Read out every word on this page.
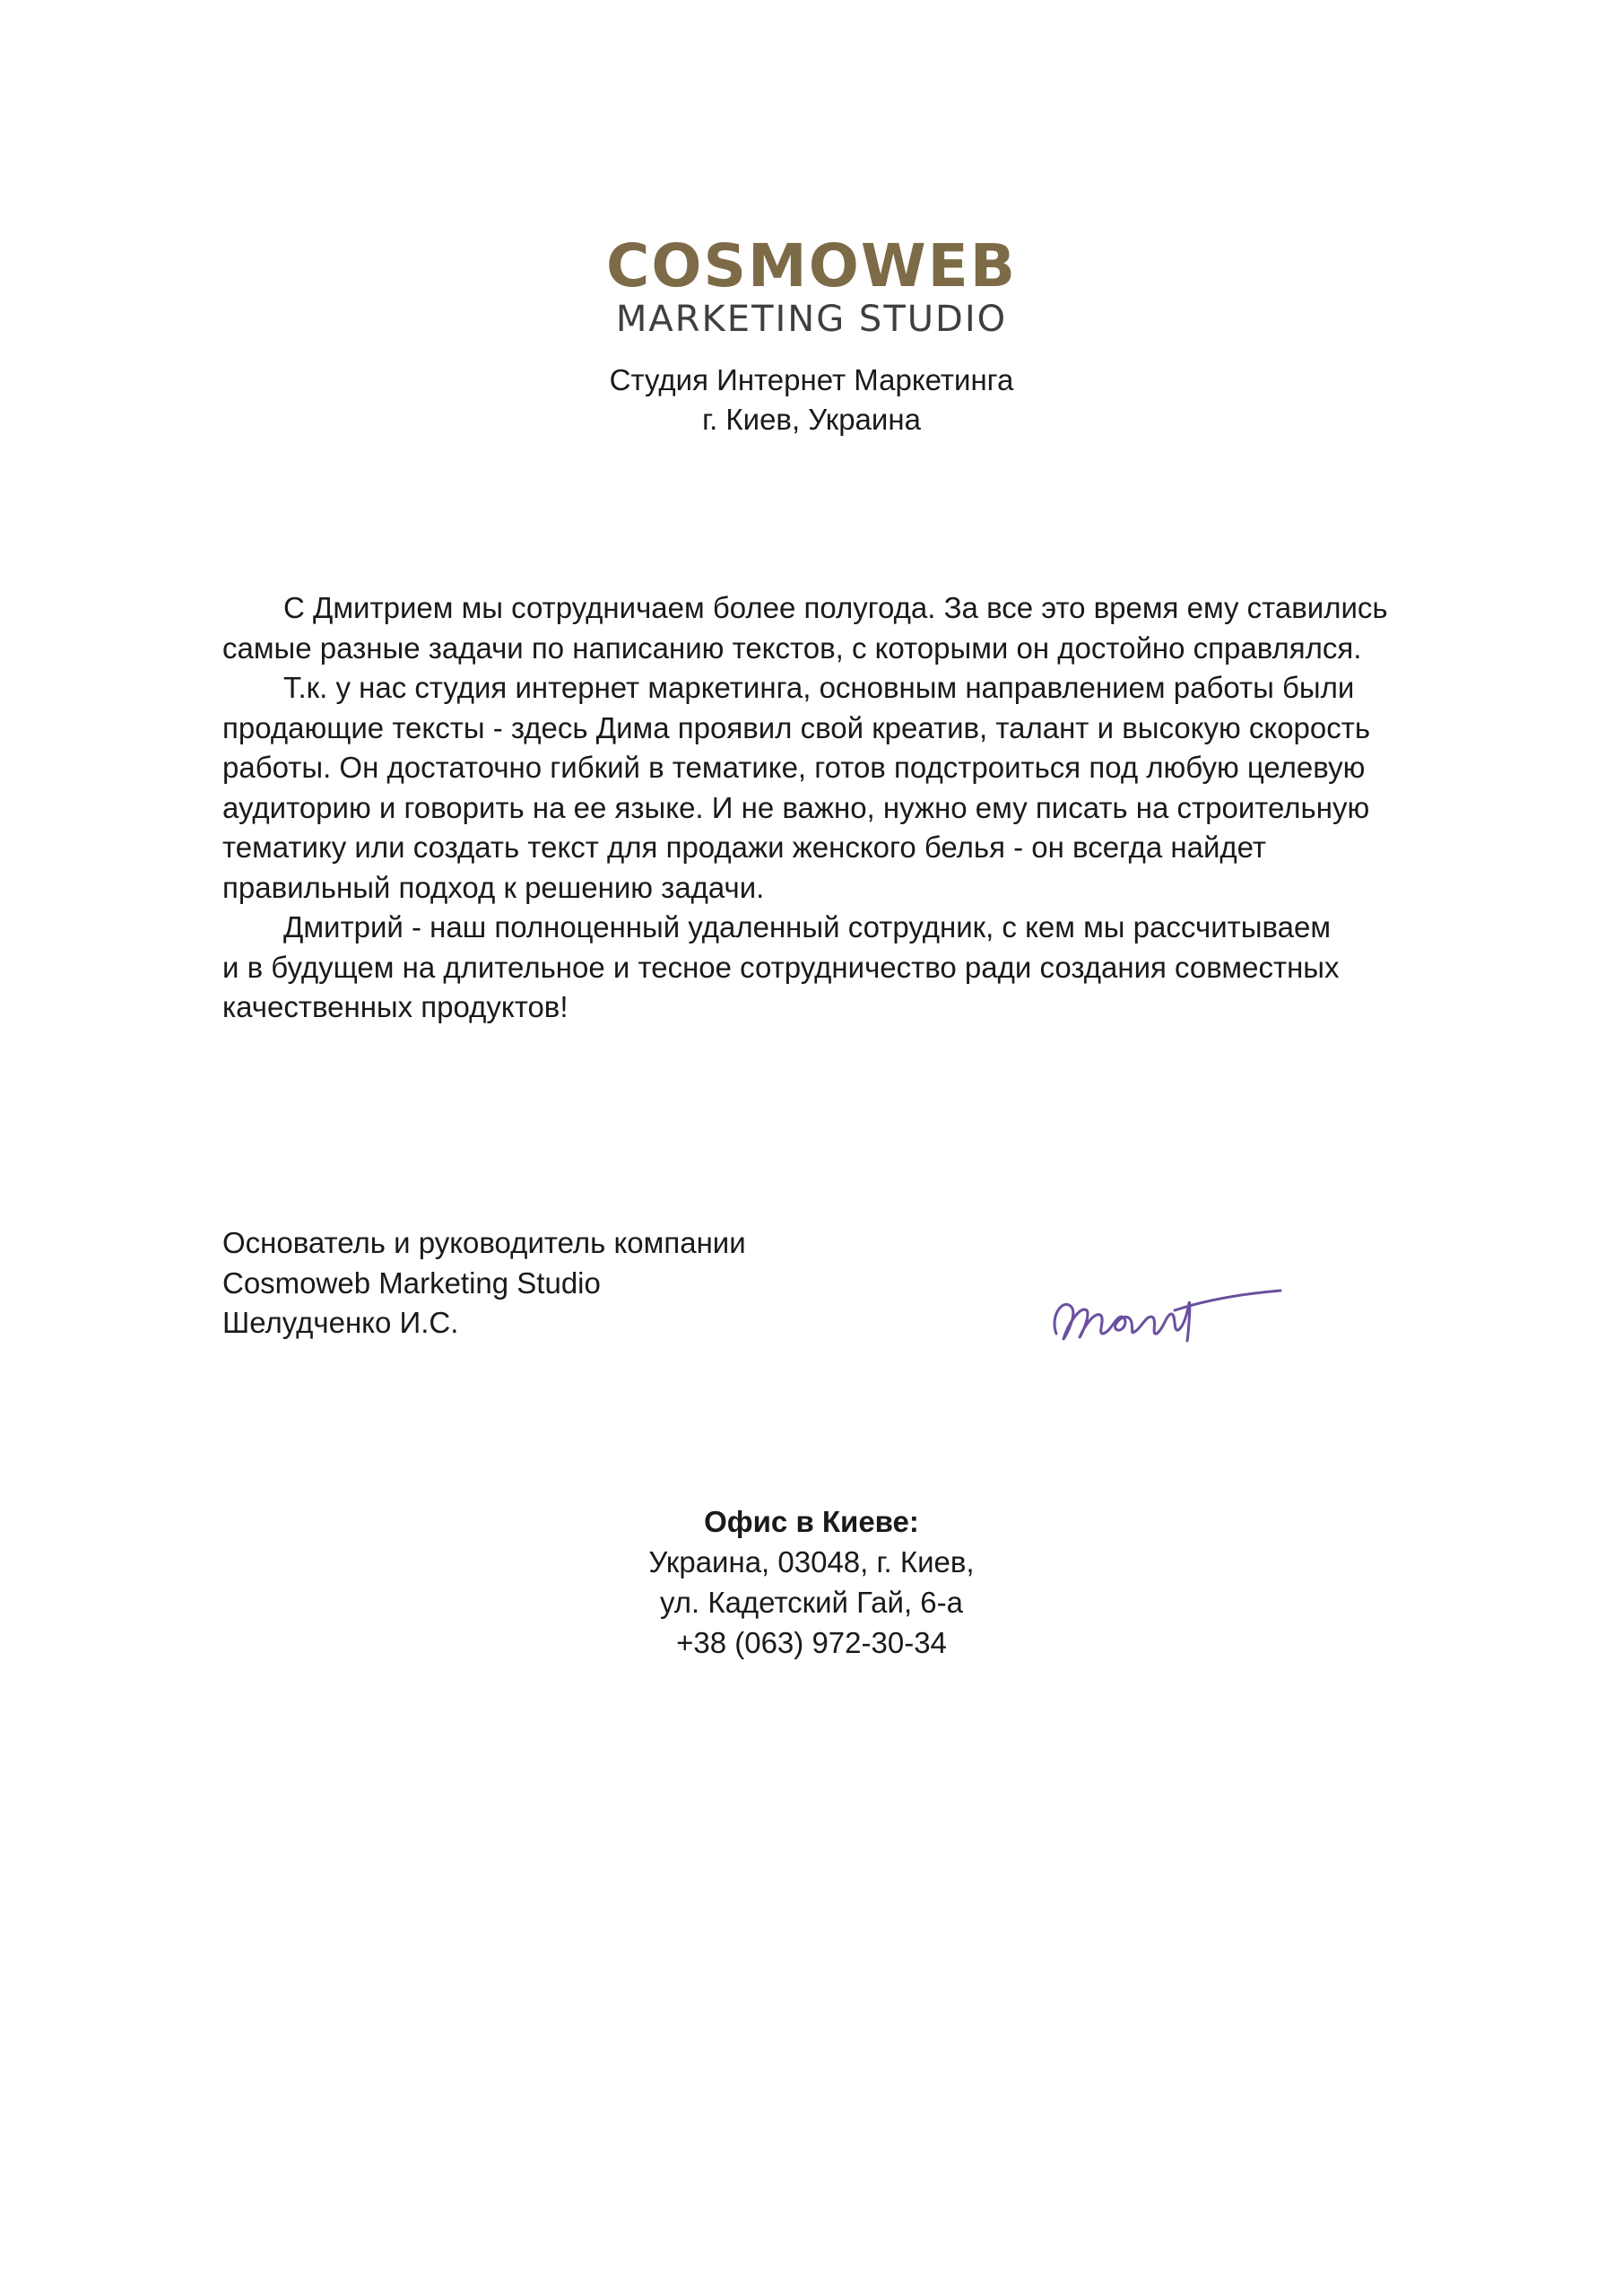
COSMOWEB
MARKETING STUDIO
Студия Интернет Маркетинга
г. Киев, Украина
С Дмитрием мы сотрудничаем более полугода. За все это время ему ставились
самые разные задачи по написанию текстов, с которыми он достойно справлялся.
Т.к. у нас студия интернет маркетинга, основным направлением работы были
продающие тексты - здесь Дима проявил свой креатив, талант и высокую скорость
работы. Он достаточно гибкий в тематике, готов подстроиться под любую целевую
аудиторию и говорить на ее языке. И не важно, нужно ему писать на строительную
тематику или создать текст для продажи женского белья - он всегда найдет
правильный подход к решению задачи.
Дмитрий - наш полноценный удаленный сотрудник, с кем мы рассчитываем
и в будущем на длительное и тесное сотрудничество ради создания совместных
качественных продуктов!
Основатель и руководитель компании
Cosmoweb Marketing Studio
Шелудченко И.С.
Офис в Киеве:
Украина, 03048, г. Киев,
ул. Кадетский Гай, 6-а
+38 (063) 972-30-34
